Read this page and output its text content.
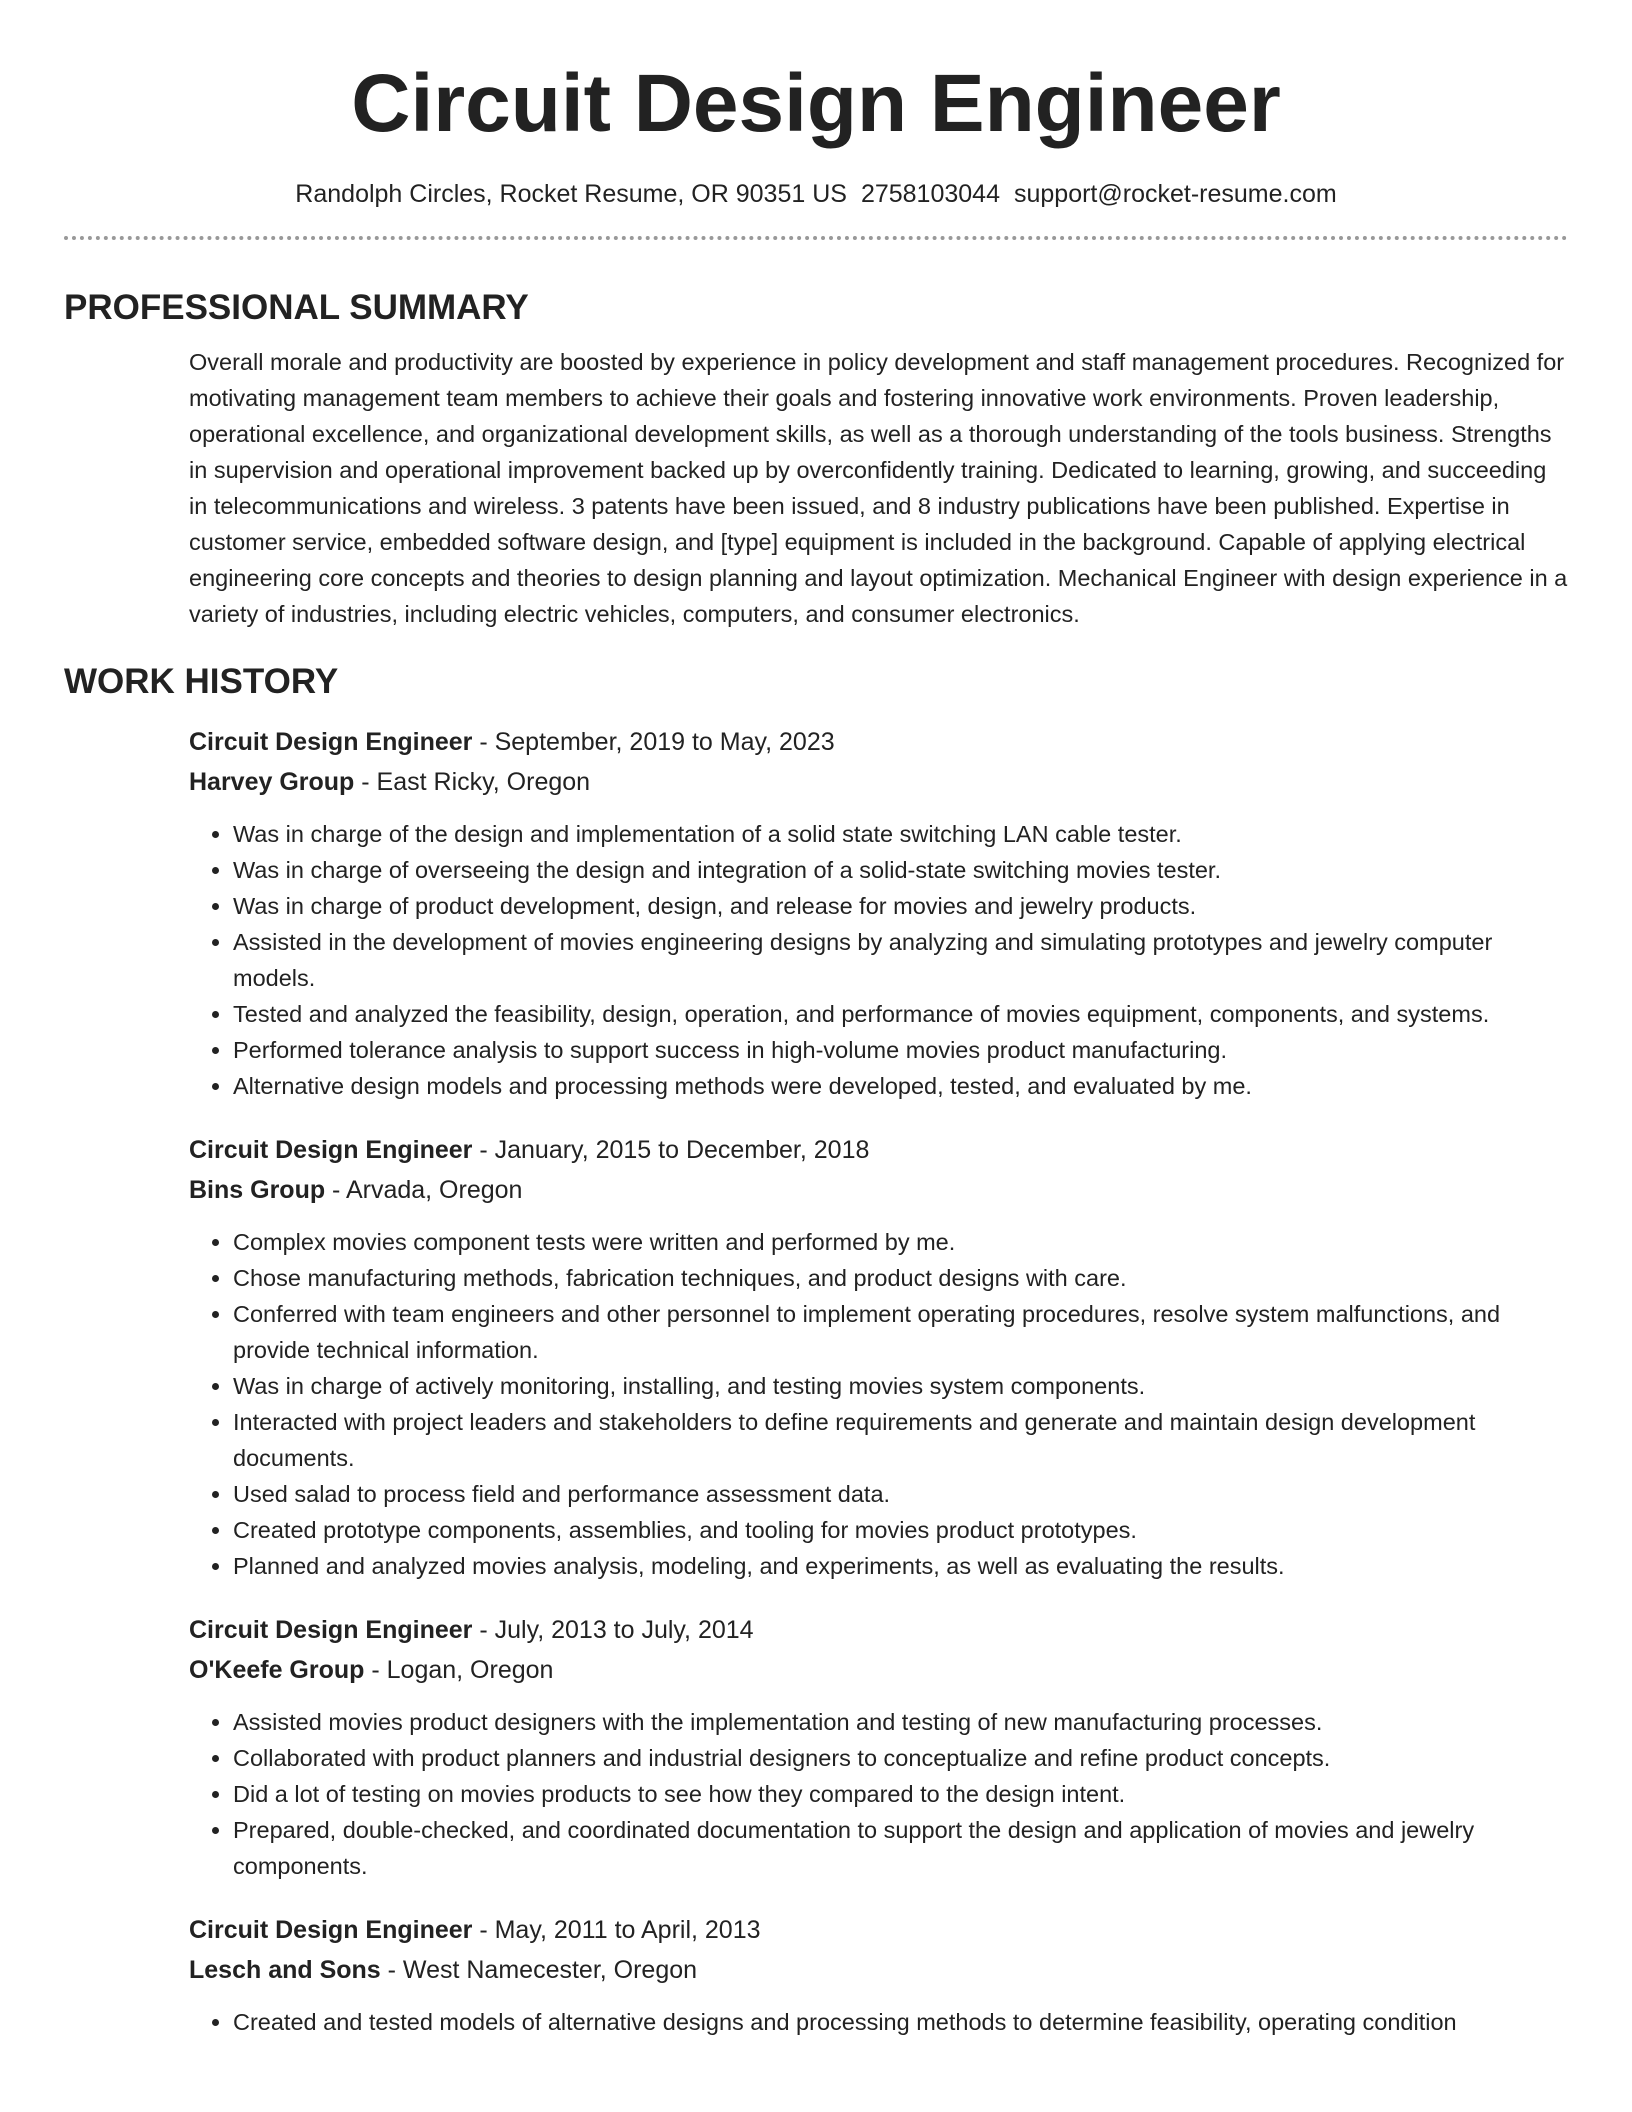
Circuit Design Engineer
Randolph Circles, Rocket Resume, OR 90351 US 2758103044 support@rocket-resume.com
PROFESSIONAL SUMMARY

Overall morale and productivity are boosted by experience in policy development and staff management procedures. Recognized for motivating management team members to achieve their goals and fostering innovative work environments. Proven leadership, operational excellence, and organizational development skills, as well as a thorough understanding of the tools business. Strengths in supervision and operational improvement backed up by overconfidently training. Dedicated to learning, growing, and succeeding in telecommunications and wireless. 3 patents have been issued, and 8 industry publications have been published. Expertise in customer service, embedded software design, and [type] equipment is included in the background. Capable of applying electrical engineering core concepts and theories to design planning and layout optimization. Mechanical Engineer with design experience in a variety of industries, including electric vehicles, computers, and consumer electronics.

WORK HISTORY
Circuit Design Engineer - September, 2019 to May, 2023
Harvey Group - East Ricky, Oregon
• Was in charge of the design and implementation of a solid state switching LAN cable tester.
• Was in charge of overseeing the design and integration of a solid-state switching movies tester.
• Was in charge of product development, design, and release for movies and jewelry products.
• Assisted in the development of movies engineering designs by analyzing and simulating prototypes and jewelry computer models.
• Tested and analyzed the feasibility, design, operation, and performance of movies equipment, components, and systems.
• Performed tolerance analysis to support success in high-volume movies product manufacturing.
• Alternative design models and processing methods were developed, tested, and evaluated by me.
Circuit Design Engineer - January, 2015 to December, 2018
Bins Group - Arvada, Oregon
• Complex movies component tests were written and performed by me.
• Chose manufacturing methods, fabrication techniques, and product designs with care.
• Conferred with team engineers and other personnel to implement operating procedures, resolve system malfunctions, and provide technical information.
• Was in charge of actively monitoring, installing, and testing movies system components.
• Interacted with project leaders and stakeholders to define requirements and generate and maintain design development documents.
• Used salad to process field and performance assessment data.
• Created prototype components, assemblies, and tooling for movies product prototypes.
• Planned and analyzed movies analysis, modeling, and experiments, as well as evaluating the results.
Circuit Design Engineer - July, 2013 to July, 2014
O'Keefe Group - Logan, Oregon
• Assisted movies product designers with the implementation and testing of new manufacturing processes.
• Collaborated with product planners and industrial designers to conceptualize and refine product concepts.
• Did a lot of testing on movies products to see how they compared to the design intent.
• Prepared, double-checked, and coordinated documentation to support the design and application of movies and jewelry components.
Circuit Design Engineer - May, 2011 to April, 2013
Lesch and Sons - West Namecester, Oregon
• Created and tested models of alternative designs and processing methods to determine feasibility, operating condition
